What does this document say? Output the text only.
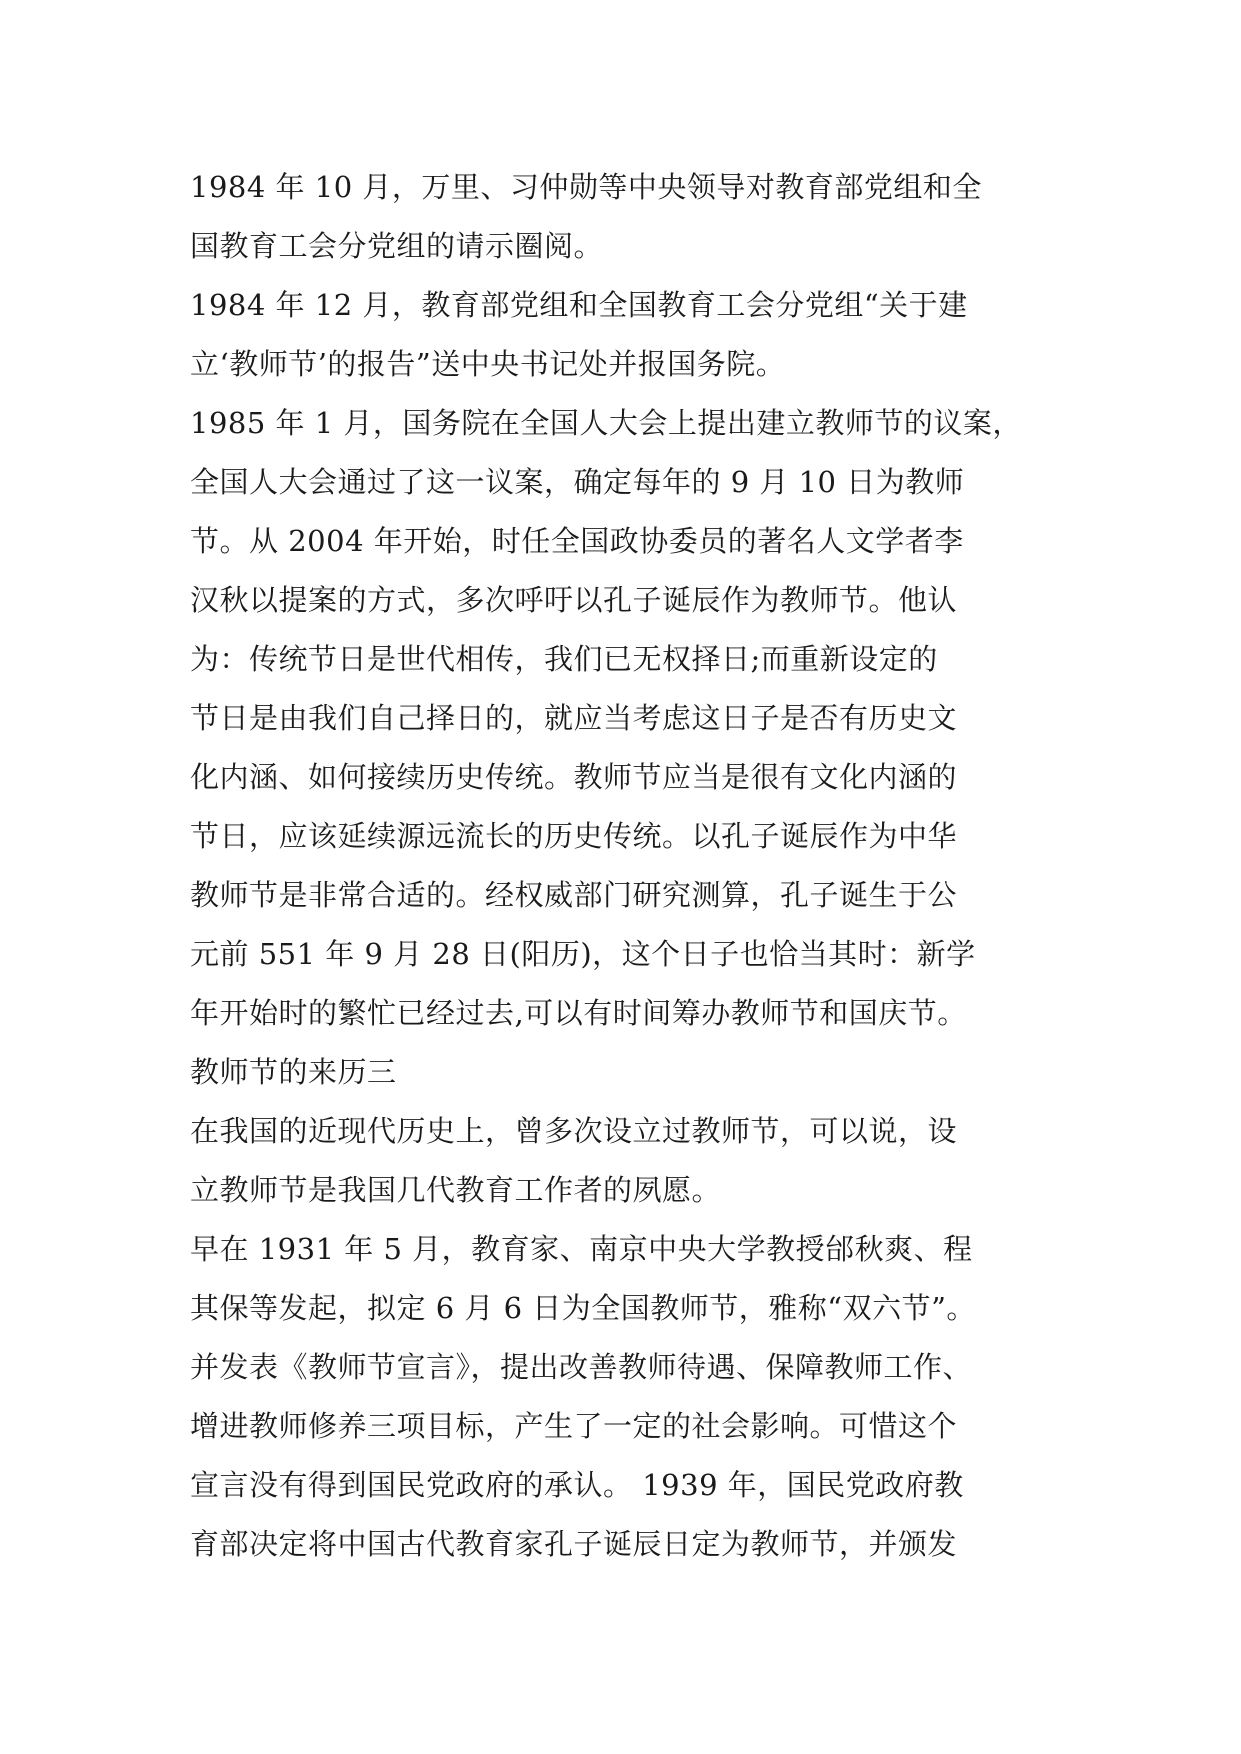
1984 年 10 月，万里、习仲勋等中央领导对教育部党组和全
国教育工会分党组的请示圈阅。
1984 年 12 月，教育部党组和全国教育工会分党组“关于建
立‘教师节’的报告”送中央书记处并报国务院。
1985 年 1 月，国务院在全国人大会上提出建立教师节的议案，
全国人大会通过了这一议案，确定每年的 9 月 10 日为教师
节。从 2004 年开始，时任全国政协委员的著名人文学者李
汉秋以提案的方式，多次呼吁以孔子诞辰作为教师节。他认
为：传统节日是世代相传，我们已无权择日;而重新设定的
节日是由我们自己择日的，就应当考虑这日子是否有历史文
化内涵、如何接续历史传统。教师节应当是很有文化内涵的
节日，应该延续源远流长的历史传统。以孔子诞辰作为中华
教师节是非常合适的。经权威部门研究测算，孔子诞生于公
元前 551 年 9 月 28 日(阳历)，这个日子也恰当其时：新学
年开始时的繁忙已经过去,可以有时间筹办教师节和国庆节。
教师节的来历三
在我国的近现代历史上，曾多次设立过教师节，可以说，设
立教师节是我国几代教育工作者的夙愿。
早在 1931 年 5 月，教育家、南京中央大学教授邰秋爽、程
其保等发起，拟定 6 月 6 日为全国教师节，雅称“双六节”。
并发表《教师节宣言》，提出改善教师待遇、保障教师工作、
增进教师修养三项目标，产生了一定的社会影响。可惜这个
宣言没有得到国民党政府的承认。 1939 年，国民党政府教
育部决定将中国古代教育家孔子诞辰日定为教师节，并颁发
